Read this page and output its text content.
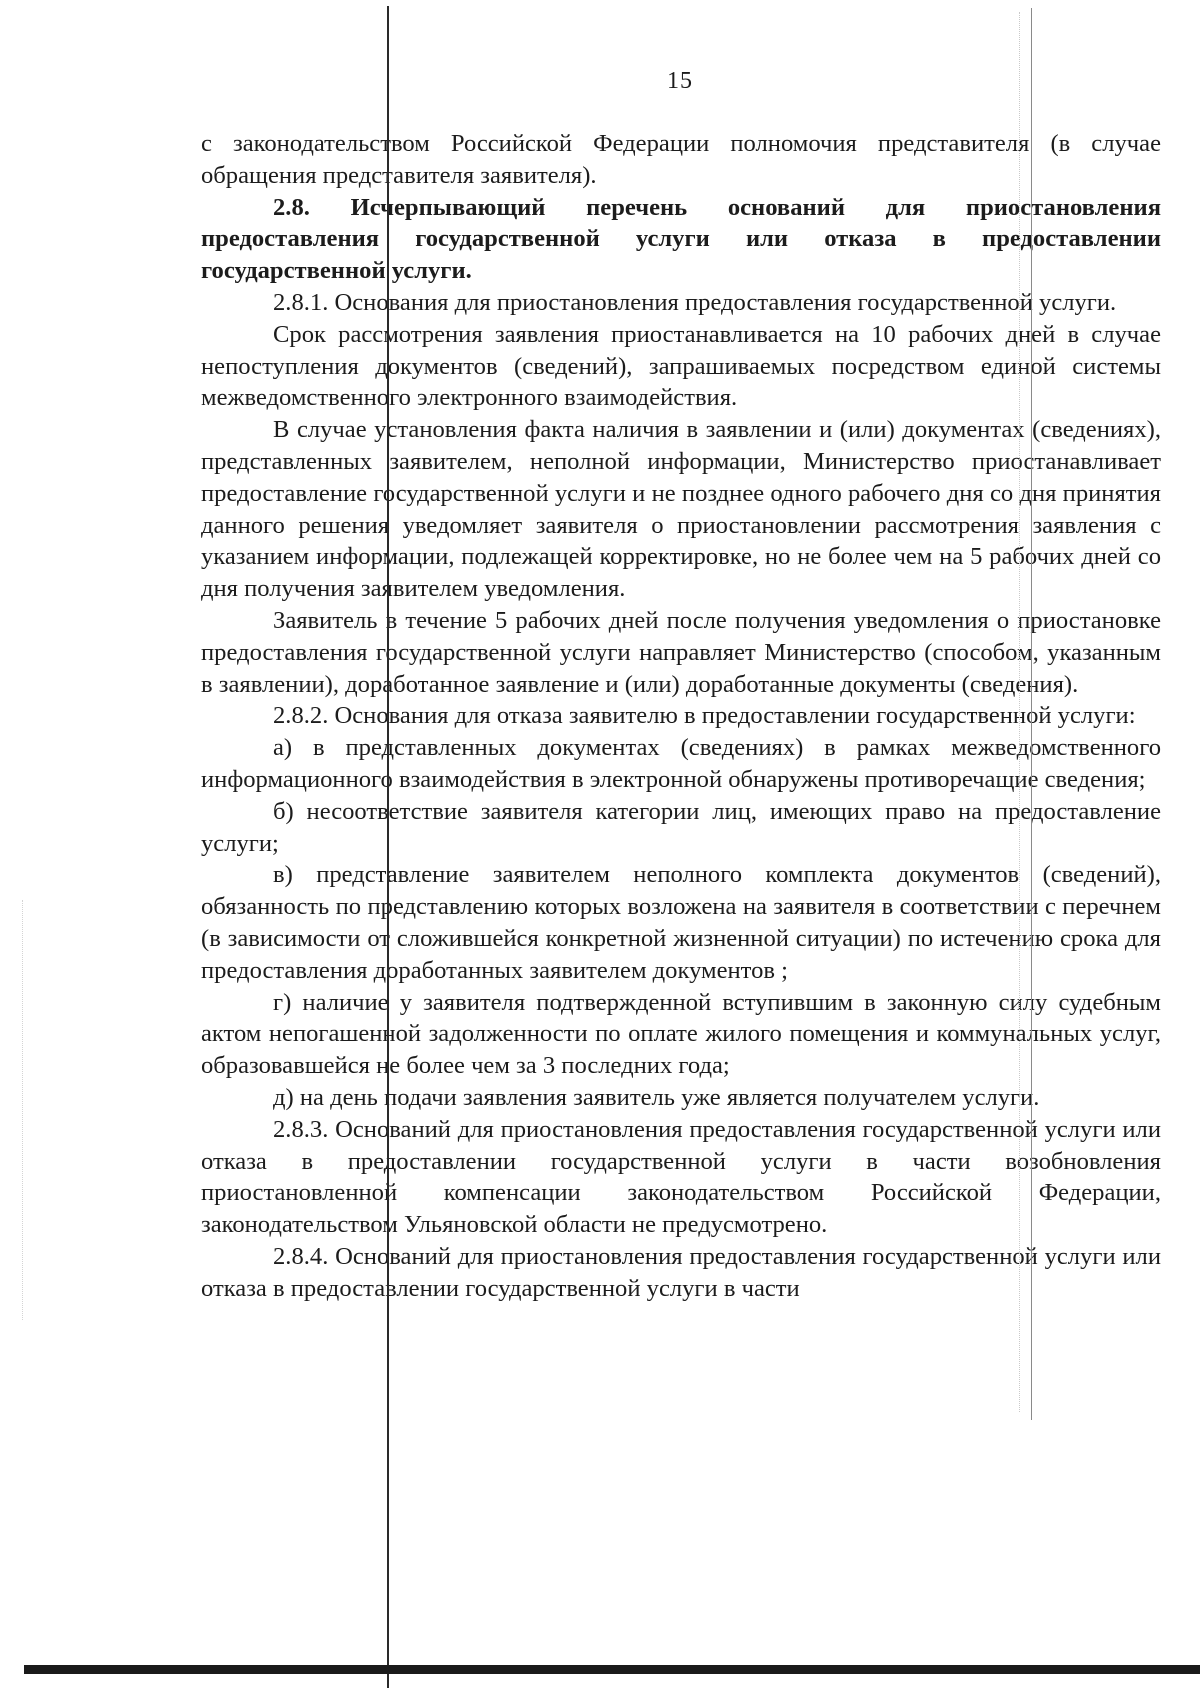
15

с законодательством Российской Федерации полномочия представителя (в случае обращения представителя заявителя).

2.8. Исчерпывающий перечень оснований для приостановления предоставления государственной услуги или отказа в предоставлении государственной услуги.

2.8.1. Основания для приостановления предоставления государственной услуги.

Срок рассмотрения заявления приостанавливается на 10 рабочих дней в случае непоступления документов (сведений), запрашиваемых посредством единой системы межведомственного электронного взаимодействия.

В случае установления факта наличия в заявлении и (или) документах (сведениях), представленных заявителем, неполной информации, Министерство приостанавливает предоставление государственной услуги и не позднее одного рабочего дня со дня принятия данного решения уведомляет заявителя о приостановлении рассмотрения заявления с указанием информации, подлежащей корректировке, но не более чем на 5 рабочих дней со дня получения заявителем уведомления.

Заявитель в течение 5 рабочих дней после получения уведомления о приостановке предоставления государственной услуги направляет Министерство (способом, указанным в заявлении), доработанное заявление и (или) доработанные документы (сведения).

2.8.2. Основания для отказа заявителю в предоставлении государственной услуги:

а) в представленных документах (сведениях) в рамках межведомственного информационного взаимодействия в электронной обнаружены противоречащие сведения;

б) несоответствие заявителя категории лиц, имеющих право на предоставление услуги;

в) представление заявителем неполного комплекта документов (сведений), обязанность по представлению которых возложена на заявителя в соответствии с перечнем (в зависимости от сложившейся конкретной жизненной ситуации) по истечению срока для предоставления доработанных заявителем документов ;

г) наличие у заявителя подтвержденной вступившим в законную силу судебным актом непогашенной задолженности по оплате жилого помещения и коммунальных услуг, образовавшейся не более чем за 3 последних года;

д) на день подачи заявления заявитель уже является получателем услуги.

2.8.3. Оснований для приостановления предоставления государственной услуги или отказа в предоставлении государственной услуги в части возобновления приостановленной компенсации законодательством Российской Федерации, законодательством Ульяновской области не предусмотрено.

2.8.4. Оснований для приостановления предоставления государственной услуги или отказа в предоставлении государственной услуги в части
